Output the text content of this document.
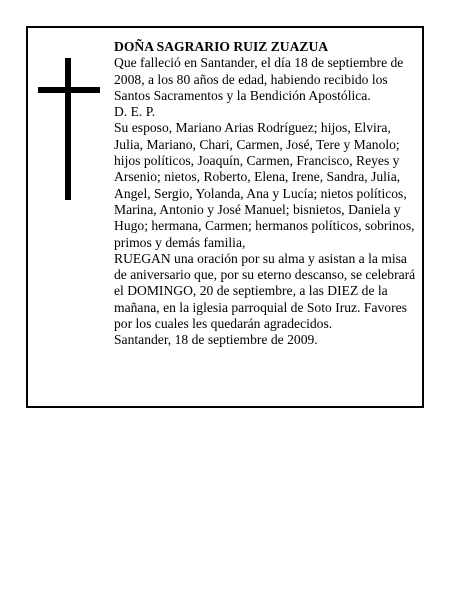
DOÑA SAGRARIO RUIZ ZUAZUA

Que falleció en Santander, el día 18 de septiembre de 2008, a los 80 años de edad, habiendo recibido los Santos Sacramentos y la Bendición Apostólica.

D. E. P.

Su esposo, Mariano Arias Rodríguez; hijos, Elvira, Julia, Mariano, Chari, Carmen, José, Tere y Manolo; hijos políticos, Joaquín, Carmen, Francisco, Reyes y Arsenio; nietos, Roberto, Elena, Irene, Sandra, Julia, Angel, Sergio, Yolanda, Ana y Lucía; nietos políticos, Marina, Antonio y José Manuel; bisnietos, Daniela y Hugo; hermana, Carmen; hermanos políticos, sobrinos, primos y demás familia,

RUEGAN una oración por su alma y asistan a la misa de aniversario que, por su eterno descanso, se celebrará el DOMINGO, 20 de septiembre, a las DIEZ de la mañana, en la iglesia parroquial de Soto Iruz. Favores por los cuales les quedarán agradecidos.

Santander, 18 de septiembre de 2009.
